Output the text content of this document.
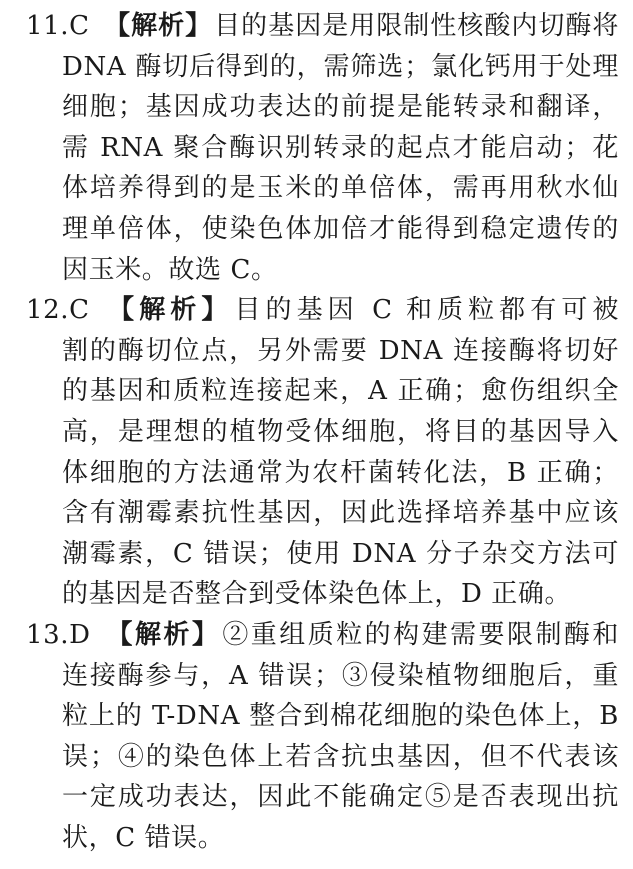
11.C 【解析】目的基因是用限制性核酸内切酶将
DNA 酶切后得到的，需筛选；氯化钙用于处理
细胞；基因成功表达的前提是能转录和翻译，
需 RNA 聚合酶识别转录的起点才能启动；花
体培养得到的是玉米的单倍体，需再用秋水仙
理单倍体，使染色体加倍才能得到稳定遗传的
因玉米。故选 C。
12.C 【解析】目的基因 C 和质粒都有可被
割的酶切位点，另外需要 DNA 连接酶将切好
的基因和质粒连接起来，A 正确；愈伤组织全
高，是理想的植物受体细胞，将目的基因导入
体细胞的方法通常为农杆菌转化法，B 正确；
含有潮霉素抗性基因，因此选择培养基中应该
潮霉素，C 错误；使用 DNA 分子杂交方法可
的基因是否整合到受体染色体上，D 正确。
13.D 【解析】②重组质粒的构建需要限制酶和
连接酶参与，A 错误；③侵染植物细胞后，重
粒上的 T-DNA 整合到棉花细胞的染色体上，B
误；④的染色体上若含抗虫基因，但不代表该
一定成功表达，因此不能确定⑤是否表现出抗
状，C 错误。
